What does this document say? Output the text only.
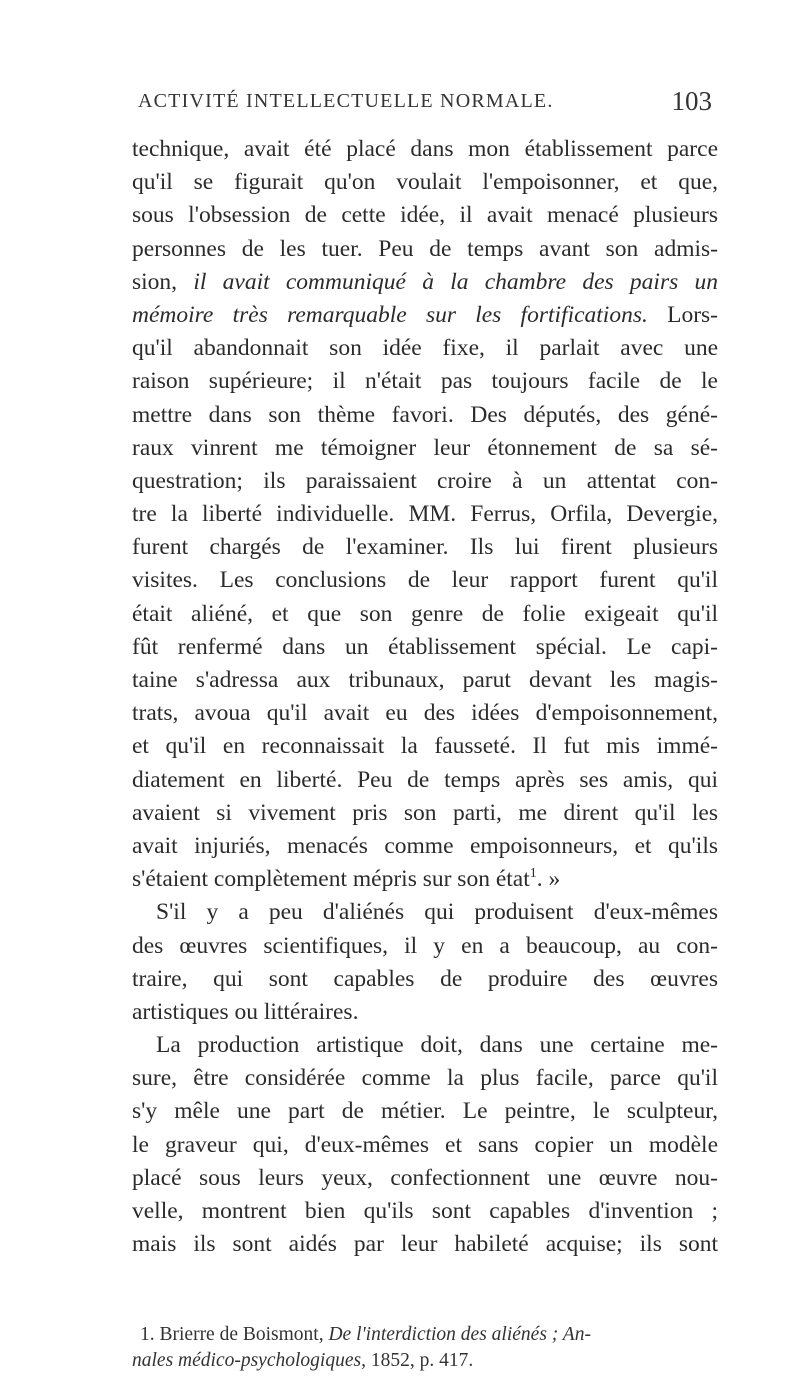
ACTIVITÉ INTELLECTUELLE NORMALE.	103
technique, avait été placé dans mon établissement parce
qu'il se figurait qu'on voulait l'empoisonner, et que,
sous l'obsession de cette idée, il avait menacé plusieurs
personnes de les tuer. Peu de temps avant son admis-
sion, il avait communiqué à la chambre des pairs un
mémoire très remarquable sur les fortifications. Lors-
qu'il abandonnait son idée fixe, il parlait avec une
raison supérieure; il n'était pas toujours facile de le
mettre dans son thème favori. Des députés, des géné-
raux vinrent me témoigner leur étonnement de sa sé-
questration; ils paraissaient croire à un attentat con-
tre la liberté individuelle. MM. Ferrus, Orfila, Devergie,
furent chargés de l'examiner. Ils lui firent plusieurs
visites. Les conclusions de leur rapport furent qu'il
était aliéné, et que son genre de folie exigeait qu'il
fût renfermé dans un établissement spécial. Le capi-
taine s'adressa aux tribunaux, parut devant les magis-
trats, avoua qu'il avait eu des idées d'empoisonnement,
et qu'il en reconnaissait la fausseté. Il fut mis immé-
diatement en liberté. Peu de temps après ses amis, qui
avaient si vivement pris son parti, me dirent qu'il les
avait injuriés, menacés comme empoisonneurs, et qu'ils
s'étaient complètement mépris sur son état$^1$. »
S'il y a peu d'aliénés qui produisent d'eux-mêmes
des œuvres scientifiques, il y en a beaucoup, au con-
traire, qui sont capables de produire des œuvres
artistiques ou littéraires.
La production artistique doit, dans une certaine me-
sure, être considérée comme la plus facile, parce qu'il
s'y mêle une part de métier. Le peintre, le sculpteur,
le graveur qui, d'eux-mêmes et sans copier un modèle
placé sous leurs yeux, confectionnent une œuvre nou-
velle, montrent bien qu'ils sont capables d'invention ;
mais ils sont aidés par leur habileté acquise; ils sont
1. Brierre de Boismont, De l'interdiction des aliénés ; An-
nales médico-psychologiques, 1852, p. 417.
